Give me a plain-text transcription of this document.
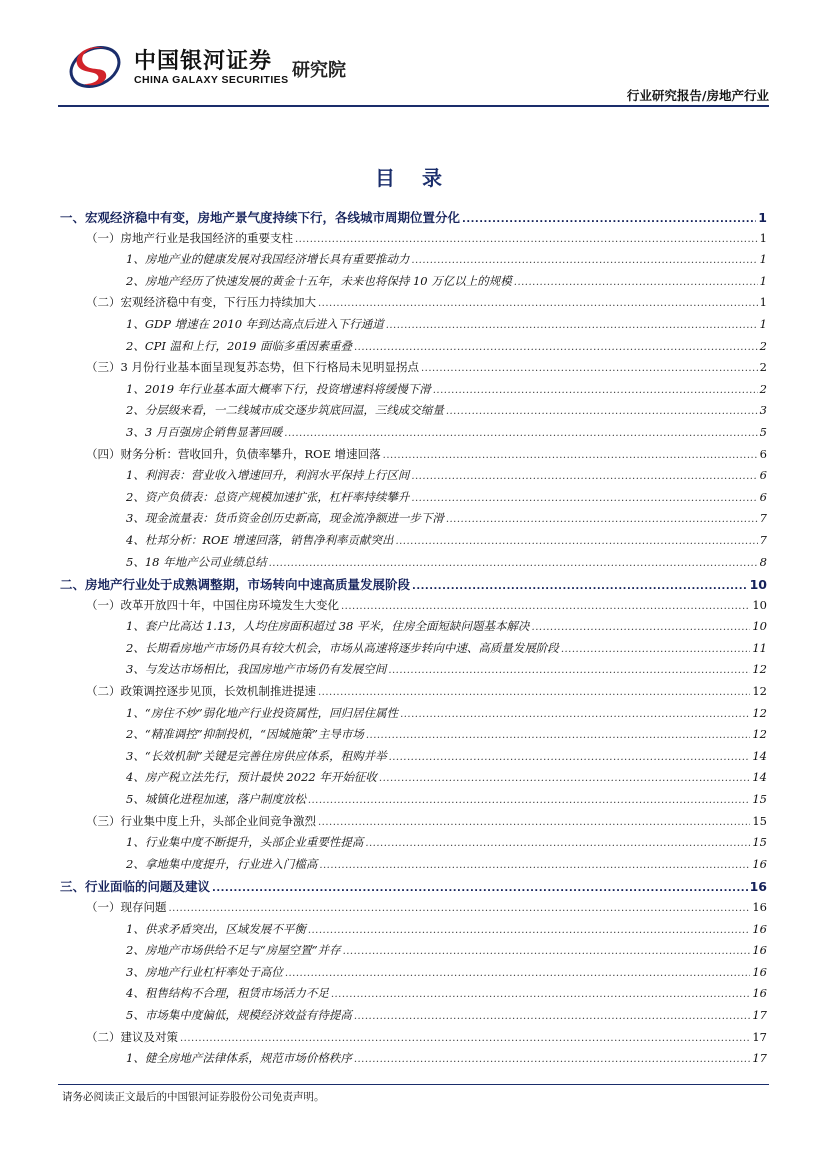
中国银河证券
CHINA GALAXY SECURITIES 研究院
行业研究报告/房地产行业
目 录
一、宏观经济稳中有变，房地产景气度持续下行，各线城市周期位置分化 .....	1
（一）房地产行业是我国经济的重要支柱 .....	1
1、房地产业的健康发展对我国经济增长具有重要推动力 .....	1
2、房地产经历了快速发展的黄金十五年，未来也将保持 10 万亿以上的规模 .....	1
（二）宏观经济稳中有变，下行压力持续加大 .....	1
1、GDP 增速在 2010 年到达高点后进入下行通道 .....	1
2、CPI 温和上行，2019 面临多重因素重叠 .....	2
（三）3 月份行业基本面呈现复苏态势，但下行格局未见明显拐点 .....	2
1、2019 年行业基本面大概率下行，投资增速料将缓慢下滑 .....	2
2、分层级来看，一二线城市成交逐步筑底回温，三线成交缩量 .....	3
3、3 月百强房企销售显著回暖 .....	5
（四）财务分析：营收回升，负债率攀升，ROE 增速回落 .....	6
1、利润表：营业收入增速回升，利润水平保持上行区间 .....	6
2、资产负债表：总资产规模加速扩张，杠杆率持续攀升 .....	6
3、现金流量表：货币资金创历史新高，现金流净额进一步下滑 .....	7
4、杜邦分析：ROE 增速回落，销售净利率贡献突出 .....	7
5、18 年地产公司业绩总结 .....	8
二、房地产行业处于成熟调整期，市场转向中速高质量发展阶段 .....	10
（一）改革开放四十年，中国住房环境发生大变化 .....	10
1、套户比高达 1.13，人均住房面积超过 38 平米，住房全面短缺问题基本解决 .....	10
2、长期看房地产市场仍具有较大机会，市场从高速将逐步转向中速、高质量发展阶段 .....	11
3、与发达市场相比，我国房地产市场仍有发展空间 .....	12
（二）政策调控逐步见顶，长效机制推进提速 .....	12
1、“房住不炒”弱化地产行业投资属性，回归居住属性 .....	12
2、“精准调控”抑制投机，“因城施策”主导市场 .....	12
3、“长效机制”关键是完善住房供应体系，租购并举 .....	14
4、房产税立法先行，预计最快 2022 年开始征收 .....	14
5、城镇化进程加速，落户制度放松 .....	15
（三）行业集中度上升，头部企业间竞争激烈 .....	15
1、行业集中度不断提升，头部企业重要性提高 .....	15
2、拿地集中度提升，行业进入门槛高 .....	16
三、行业面临的问题及建议 .....	16
（一）现存问题 .....	16
1、供求矛盾突出，区域发展不平衡 .....	16
2、房地产市场供给不足与“房屋空置”并存 .....	16
3、房地产行业杠杆率处于高位 .....	16
4、租售结构不合理，租赁市场活力不足 .....	16
5、市场集中度偏低，规模经济效益有待提高 .....	17
（二）建议及对策 .....	17
1、健全房地产法律体系，规范市场价格秩序 .....	17
请务必阅读正文最后的中国银河证券股份公司免责声明。
